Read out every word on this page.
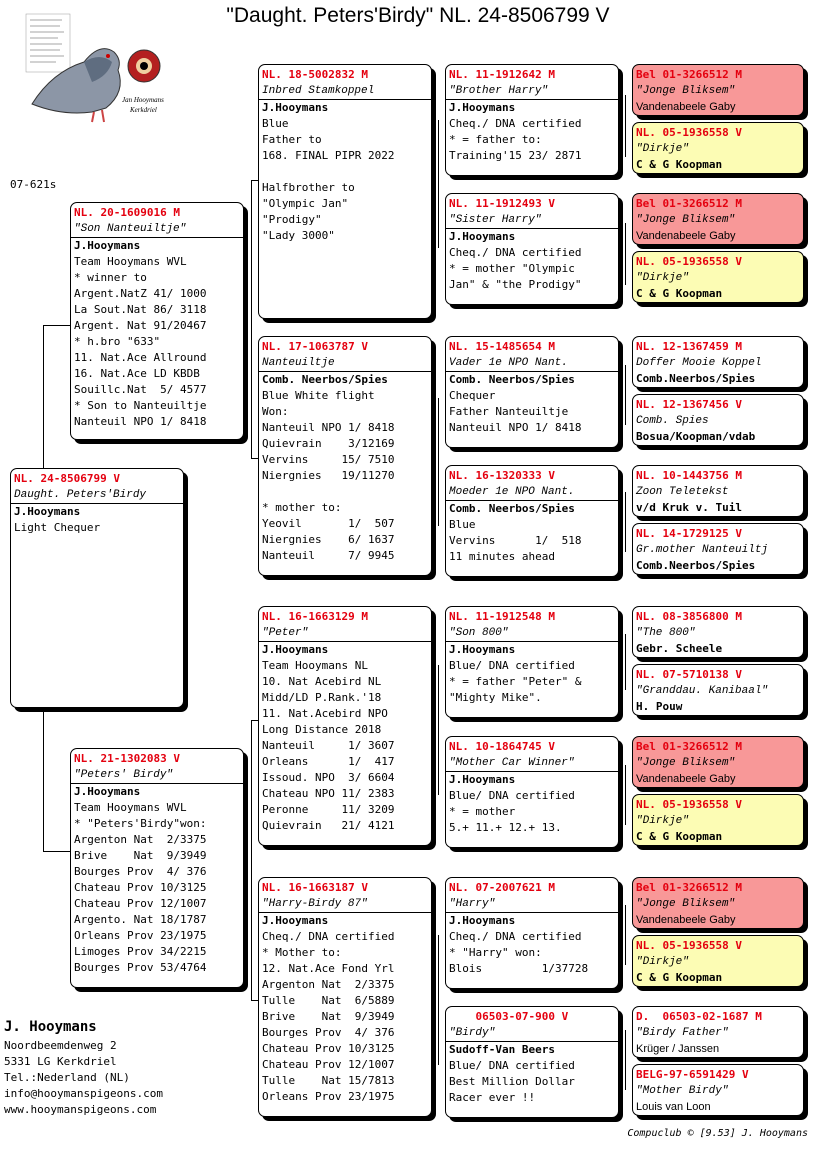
"Daught. Peters'Birdy" NL. 24-8506799 V
Jan Hooymans
Kerkdriel
07-621s
NL. 24-8506799 V
Daught. Peters'Birdy
J.Hooymans
Light Chequer
NL. 20-1609016 M
"Son Nanteuiltje"
J.Hooymans
Team Hooymans WVL
* winner to
Argent.NatZ 41/ 1000
La Sout.Nat 86/ 3118
Argent. Nat 91/20467
* h.bro "633"
11. Nat.Ace Allround
16. Nat.Ace LD KBDB
Souillc.Nat  5/ 4577
* Son to Nanteuiltje
Nanteuil NPO 1/ 8418
NL. 21-1302083 V
"Peters' Birdy"
J.Hooymans
Team Hooymans WVL
* "Peters'Birdy"won:
Argenton Nat  2/3375
Brive    Nat  9/3949
Bourges Prov  4/ 376
Chateau Prov 10/3125
Chateau Prov 12/1007
Argento. Nat 18/1787
Orleans Prov 23/1975
Limoges Prov 34/2215
Bourges Prov 53/4764
NL. 18-5002832 M
Inbred Stamkoppel
J.Hooymans
Blue
Father to
168. FINAL PIPR 2022

Halfbrother to
"Olympic Jan"
"Prodigy"
"Lady 3000"
NL. 17-1063787 V
Nanteuiltje
Comb. Neerbos/Spies
Blue White flight
Won:
Nanteuil NPO 1/ 8418
Quievrain    3/12169
Vervins     15/ 7510
Niergnies   19/11270

* mother to:
Yeovil       1/  507
Niergnies    6/ 1637
Nanteuil     7/ 9945
NL. 16-1663129 M
"Peter"
J.Hooymans
Team Hooymans NL
10. Nat Acebird NL
Midd/LD P.Rank.'18
11. Nat.Acebird NPO
Long Distance 2018
Nanteuil     1/ 3607
Orleans      1/  417
Issoud. NPO  3/ 6604
Chateau NPO 11/ 2383
Peronne     11/ 3209
Quievrain   21/ 4121
NL. 16-1663187 V
"Harry-Birdy 87"
J.Hooymans
Cheq./ DNA certified
* Mother to:
12. Nat.Ace Fond Yrl
Argenton Nat  2/3375
Tulle    Nat  6/5889
Brive    Nat  9/3949
Bourges Prov  4/ 376
Chateau Prov 10/3125
Chateau Prov 12/1007
Tulle    Nat 15/7813
Orleans Prov 23/1975
NL. 11-1912642 M
"Brother Harry"
J.Hooymans
Cheq./ DNA certified
* = father to:
Training'15 23/ 2871
NL. 11-1912493 V
"Sister Harry"
J.Hooymans
Cheq./ DNA certified
* = mother "Olympic
Jan" & "the Prodigy"
NL. 15-1485654 M
Vader 1e NPO Nant.
Comb. Neerbos/Spies
Chequer
Father Nanteuiltje
Nanteuil NPO 1/ 8418
NL. 16-1320333 V
Moeder 1e NPO Nant.
Comb. Neerbos/Spies
Blue
Vervins      1/  518
11 minutes ahead
NL. 11-1912548 M
"Son 800"
J.Hooymans
Blue/ DNA certified
* = father "Peter" &
"Mighty Mike".
NL. 10-1864745 V
"Mother Car Winner"
J.Hooymans
Blue/ DNA certified
* = mother
5.+ 11.+ 12.+ 13.
NL. 07-2007621 M
"Harry"
J.Hooymans
Cheq./ DNA certified
* "Harry" won:
Blois         1/37728
06503-07-900 V
"Birdy"
Sudoff-Van Beers
Blue/ DNA certified
Best Million Dollar
Racer ever !!
Bel 01-3266512 M
"Jonge Bliksem"
Vandenabeele Gaby
NL. 05-1936558 V
"Dirkje"
C & G Koopman
Bel 01-3266512 M
"Jonge Bliksem"
Vandenabeele Gaby
NL. 05-1936558 V
"Dirkje"
C & G Koopman
NL. 12-1367459 M
Doffer Mooie Koppel
Comb.Neerbos/Spies
NL. 12-1367456 V
Comb. Spies
Bosua/Koopman/vdab
NL. 10-1443756 M
Zoon Teletekst
v/d Kruk v. Tuil
NL. 14-1729125 V
Gr.mother Nanteuiltj
Comb.Neerbos/Spies
NL. 08-3856800 M
"The 800"
Gebr. Scheele
NL. 07-5710138 V
"Granddau. Kanibaal"
H. Pouw
Bel 01-3266512 M
"Jonge Bliksem"
Vandenabeele Gaby
NL. 05-1936558 V
"Dirkje"
C & G Koopman
Bel 01-3266512 M
"Jonge Bliksem"
Vandenabeele Gaby
NL. 05-1936558 V
"Dirkje"
C & G Koopman
D.  06503-02-1687 M
"Birdy Father"
Krüger / Janssen
BELG-97-6591429 V
"Mother Birdy"
Louis van Loon
J. Hooymans
Noordbeemdenweg 2
5331 LG Kerkdriel
Tel.:Nederland (NL)
info@hooymanspigeons.com
www.hooymanspigeons.com
Compuclub © [9.53] J. Hooymans
